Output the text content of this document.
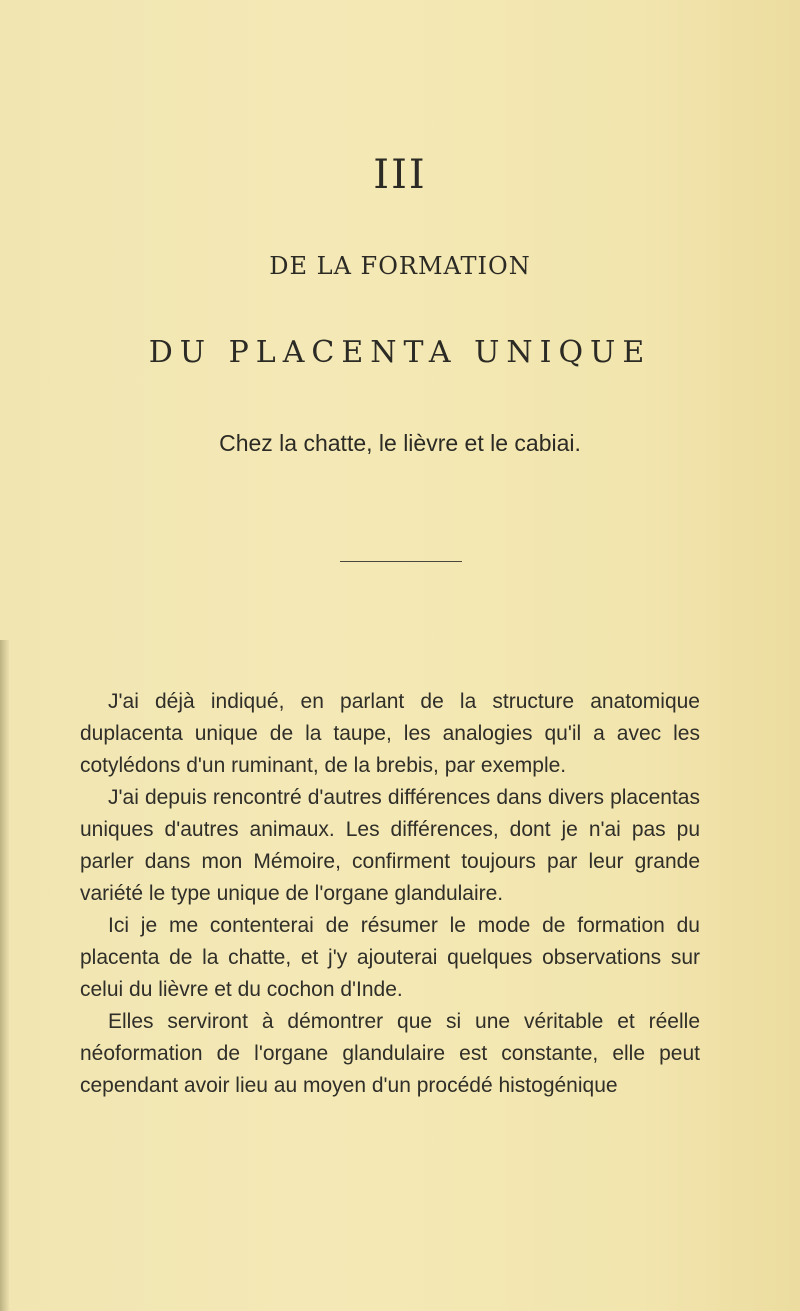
III
DE LA FORMATION
DU PLACENTA UNIQUE
Chez la chatte, le lièvre et le cabiai.

J'ai déjà indiqué, en parlant de la structure anatomique duplacenta unique de la taupe, les analogies qu'il a avec les cotylédons d'un ruminant, de la brebis, par exemple.

J'ai depuis rencontré d'autres différences dans divers placentas uniques d'autres animaux. Les différences, dont je n'ai pas pu parler dans mon Mémoire, confirment toujours par leur grande variété le type unique de l'organe glandulaire.

Ici je me contenterai de résumer le mode de formation du placenta de la chatte, et j'y ajouterai quelques observations sur celui du lièvre et du cochon d'Inde.

Elles serviront à démontrer que si une véritable et réelle néoformation de l'organe glandulaire est constante, elle peut cependant avoir lieu au moyen d'un procédé histogénique
